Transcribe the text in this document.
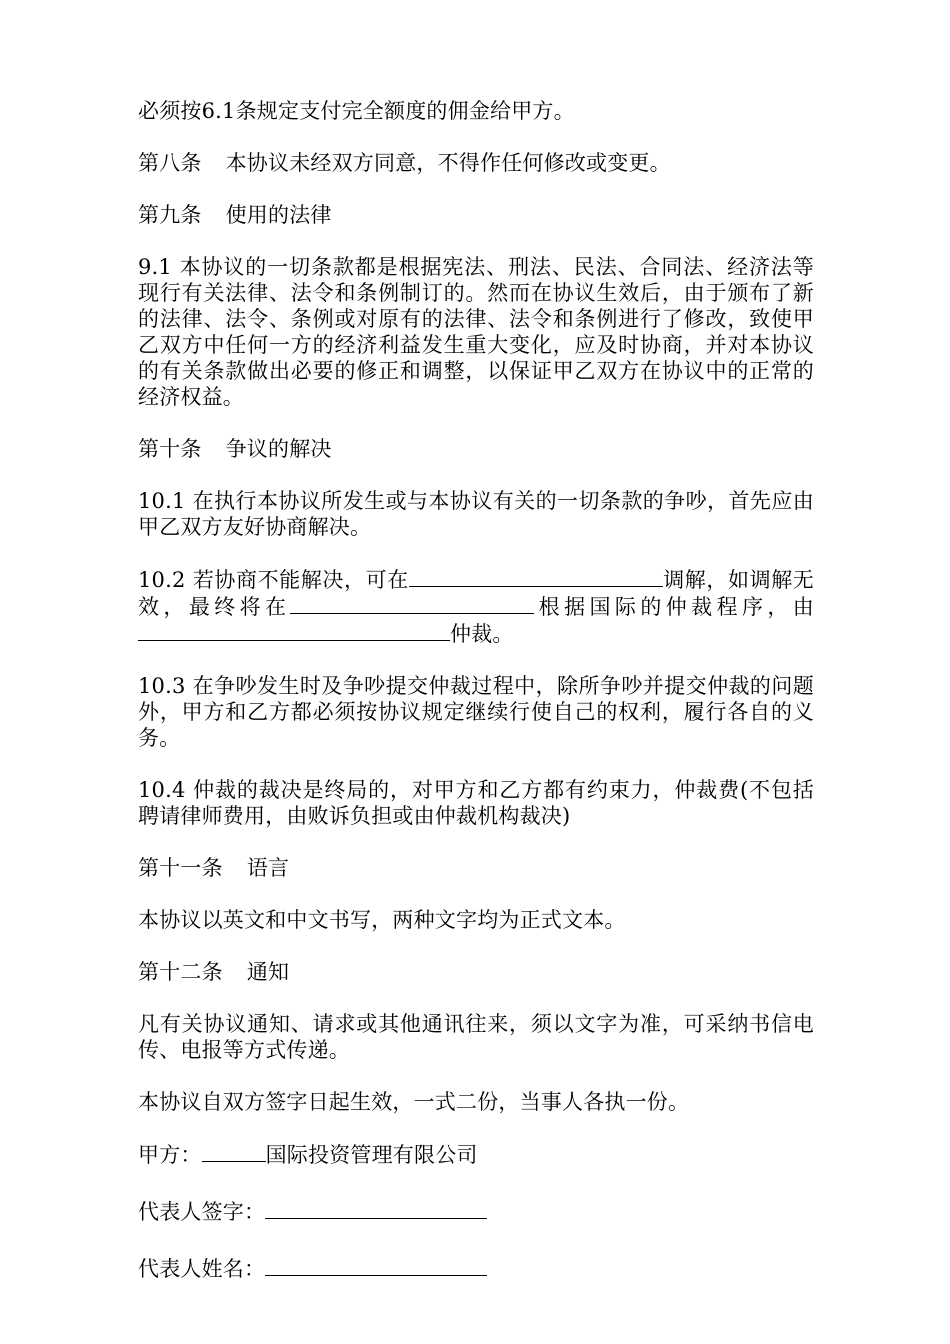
必须按6.1条规定支付完全额度的佣金给甲方。

第八条 本协议未经双方同意，不得作任何修改或变更。

第九条 使用的法律

9.1 本协议的一切条款都是根据宪法、刑法、民法、合同法、经济法等现行有关法律、法令和条例制订的。然而在协议生效后，由于颁布了新的法律、法令、条例或对原有的法律、法令和条例进行了修改，致使甲乙双方中任何一方的经济利益发生重大变化，应及时协商，并对本协议的有关条款做出必要的修正和调整，以保证甲乙双方在协议中的正常的经济权益。

第十条 争议的解决

10.1 在执行本协议所发生或与本协议有关的一切条款的争吵，首先应由甲乙双方友好协商解决。

10.2 若协商不能解决，可在	调解，如调解无效，最终将在	根据国际的仲裁程序，由仲裁。

10.3 在争吵发生时及争吵提交仲裁过程中，除所争吵并提交仲裁的问题外，甲方和乙方都必须按协议规定继续行使自己的权利，履行各自的义务。

10.4 仲裁的裁决是终局的，对甲方和乙方都有约束力，仲裁费(不包括聘请律师费用，由败诉负担或由仲裁机构裁决)

第十一条 语言

本协议以英文和中文书写，两种文字均为正式文本。

第十二条 通知

凡有关协议通知、请求或其他通讯往来，须以文字为准，可采纳书信电传、电报等方式传递。

本协议自双方签字日起生效，一式二份，当事人各执一份。

甲方：	国际投资管理有限公司

代表人签字：

代表人姓名：
